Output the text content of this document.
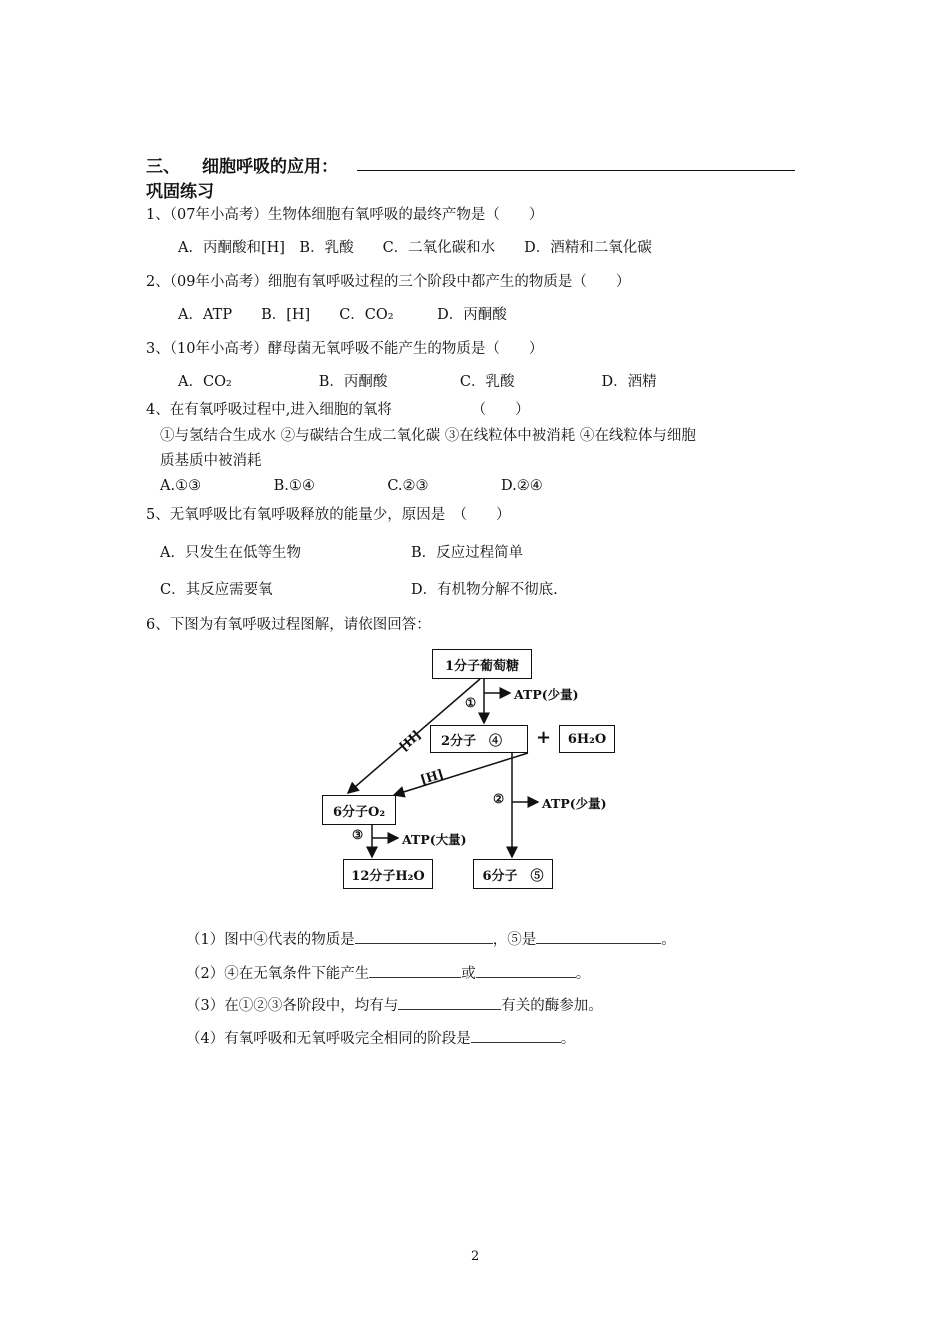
三、 细胞呼吸的应用：
巩固练习
1、（07年小高考）生物体细胞有氧呼吸的最终产物是（　　）
A．丙酮酸和[H]　B．乳酸　　C．二氧化碳和水　　D．酒精和二氧化碳
2、（09年小高考）细胞有氧呼吸过程的三个阶段中都产生的物质是（　　）
A．ATP　　B．[H]　　C．CO₂　　　D．丙酮酸
3、（10年小高考）酵母菌无氧呼吸不能产生的物质是（　　）
A．CO₂　　　　　　B．丙酮酸　　　　　C．乳酸　　　　　　D．酒精
4、在有氧呼吸过程中,进入细胞的氧将　　　　　　（　　）
①与氢结合生成水 ②与碳结合生成二氧化碳 ③在线粒体中被消耗 ④在线粒体与细胞
质基质中被消耗
A.①③　　　　　B.①④　　　　　C.②③　　　　　D.②④
5、无氧呼吸比有氧呼吸释放的能量少，原因是　（　　）
A．只发生在低等生物	B．反应过程简单
C．其反应需要氧	D．有机物分解不彻底.
6、下图为有氧呼吸过程图解，请依图回答：
1分子葡萄糖
2分子　④	+	6H₂O
6分子O₂
12分子H₂O	6分子　⑤
①
ATP(少量)
②	ATP(少量)
③	ATP(大量)
[H]
[H]
（1）图中④代表的物质是	，⑤是	。
（2）④在无氧条件下能产生	或	。
（3）在①②③各阶段中，均有与	有关的酶参加。
（4）有氧呼吸和无氧呼吸完全相同的阶段是	。
2
